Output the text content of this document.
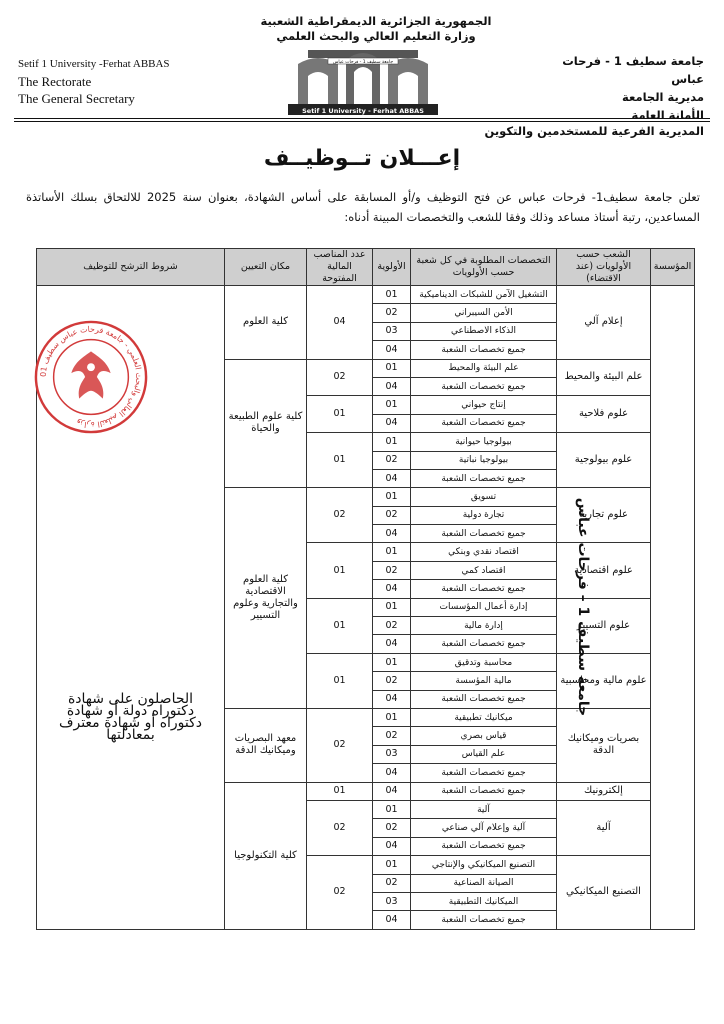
الجمهورية الجزائرية الديمقراطية الشعبية
وزارة التعليم العالي والبحث العلمي
Setif 1 University - Ferhat ABBAS
جامعة سطيف 1 - فرحات عباس
Setif 1 University -Ferhat ABBAS
The Rectorate
The General Secretary
جامعة سطيف 1 - فرحات عباس
مديرية الجامعة
الأمانة العامة
المديرية الفرعية للمستخدمين والتكوين
إعـــلان تــوظيــف
تعلن جامعة سطيف1- فرحات عباس عن فتح التوظيف و/أو المسابقة على أساس الشهادة، بعنوان سنة 2025 للالتحاق بسلك الأساتذة المساعدين، رتبة أستاذ مساعد وذلك وفقا للشعب والتخصصات المبينة أدناه:
المؤسسة	الشعب حسب الأولويات (عند الاقتضاء)	التخصصات المطلوبة في كل شعبة حسب الأولويات	الأولوية	عدد المناصب المالية المفتوحة	مكان التعيين	شروط الترشح للتوظيف
جامعة سطيف 1 – فرحات عباس	إعلام آلي	التشغيل الآمن للشبكات الديناميكية	01	04	كلية العلوم	الحاصلون على شهادة دكتوراه دولة أو شهادة دكتوراه أو شهادة معترف بمعادلتها

		الأمن السيبراني	02			
		الذكاء الاصطناعي	03			
		جميع تخصصات الشعبة	04			
	علم البيئة والمحيط	علم البيئة والمحيط	01	02	كلية علوم الطبيعة والحياة	
		جميع تخصصات الشعبة	04			
	علوم فلاحية	إنتاج حيواني	01	01		
		جميع تخصصات الشعبة	04			
	علوم بيولوجية	بيولوجيا حيوانية	01	01		
		بيولوجيا نباتية	02			
		جميع تخصصات الشعبة	04			
	علوم تجارية	تسويق	01	02	كلية العلوم الاقتصادية والتجارية وعلوم التسيير	
		تجارة دولية	02			
		جميع تخصصات الشعبة	04			
	علوم اقتصادية	اقتصاد نقدي وبنكي	01	01		
		اقتصاد كمي	02			
		جميع تخصصات الشعبة	04			
	علوم التسيير	إدارة أعمال المؤسسات	01	01		
		إدارة مالية	02			
		جميع تخصصات الشعبة	04			
	علوم مالية ومحاسبية	محاسبة وتدقيق	01	01		
		مالية المؤسسة	02			
		جميع تخصصات الشعبة	04			
	بصريات وميكانيك الدقة	ميكانيك تطبيقية	01	02	معهد البصريات وميكانيك الدقة	
		قياس بصري	02			
		علم القياس	03			
		جميع تخصصات الشعبة	04			
	إلكترونيك	جميع تخصصات الشعبة	04	01	كلية التكنولوجيا	
	آلية	آلية	01	02		
		آلية وإعلام آلي صناعي	02			
		جميع تخصصات الشعبة	04			
	التصنيع الميكانيكي	التصنيع الميكانيكي والإنتاجي	01	02		
		الصيانة الصناعية	02			
		الميكانيك التطبيقية	03			
		جميع تخصصات الشعبة	04			
وزارة التعليم العالي والبحث العلمي - جامعة فرحات عباس سطيف 01
